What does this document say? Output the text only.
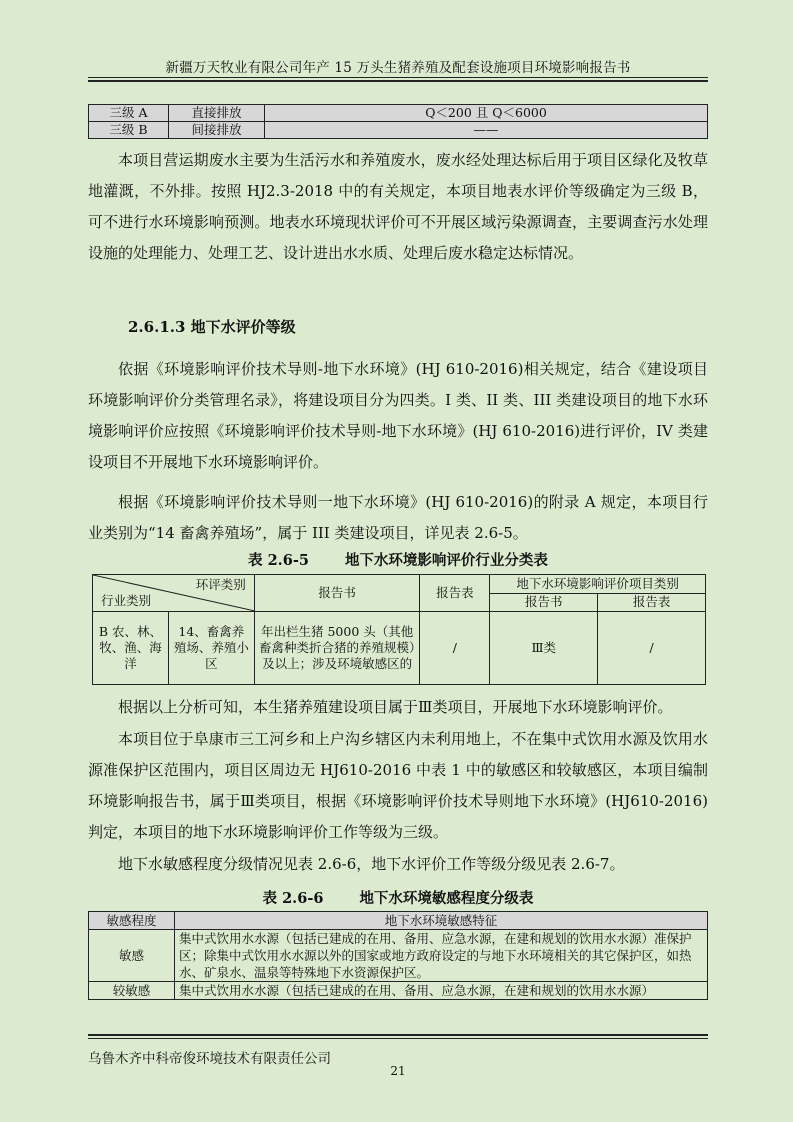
新疆万天牧业有限公司年产 15 万头生猪养殖及配套设施项目环境影响报告书
三级 A	直接排放	Q＜200 且 Q＜6000
三级 B	间接排放	——

本项目营运期废水主要为生活污水和养殖废水，废水经处理达标后用于项目区绿化及牧草地灌溉，不外排。按照 HJ2.3-2018 中的有关规定，本项目地表水评价等级确定为三级 B，可不进行水环境影响预测。地表水环境现状评价可不开展区域污染源调查，主要调查污水处理设施的处理能力、处理工艺、设计进出水水质、处理后废水稳定达标情况。

2.6.1.3 地下水评价等级

依据《环境影响评价技术导则-地下水环境》(HJ 610-2016)相关规定，结合《建设项目环境影响评价分类管理名录》，将建设项目分为四类。I 类、II 类、III 类建设项目的地下水环境影响评价应按照《环境影响评价技术导则-地下水环境》(HJ 610-2016)进行评价，IV 类建设项目不开展地下水环境影响评价。

根据《环境影响评价技术导则一地下水环境》(HJ 610-2016)的附录 A 规定，本项目行业类别为“14 畜禽养殖场”，属于 III 类建设项目，详见表 2.6-5。

表 2.6-5 地下水环境影响评价行业分类表
环评类别
行业类别		报告书	报告表	地下水环境影响评价项目类别	
				报告书	报告表
B 农、林、牧、渔、海洋	14、畜禽养殖场、养殖小区	年出栏生猪 5000 头（其他畜禽种类折合猪的养殖规模）及以上；涉及环境敏感区的	/	Ⅲ类	/

根据以上分析可知，本生猪养殖建设项目属于Ⅲ类项目，开展地下水环境影响评价。

本项目位于阜康市三工河乡和上户沟乡辖区内未利用地上，不在集中式饮用水源及饮用水源准保护区范围内，项目区周边无 HJ610-2016 中表 1 中的敏感区和较敏感区，本项目编制环境影响报告书，属于Ⅲ类项目，根据《环境影响评价技术导则地下水环境》(HJ610-2016) 判定，本项目的地下水环境影响评价工作等级为三级。

地下水敏感程度分级情况见表 2.6-6，地下水评价工作等级分级见表 2.6-7。

表 2.6-6 地下水环境敏感程度分级表
敏感程度	地下水环境敏感特征
敏感	集中式饮用水水源（包括已建成的在用、备用、应急水源，在建和规划的饮用水水源）准保护区；除集中式饮用水水源以外的国家或地方政府设定的与地下水环境相关的其它保护区，如热水、矿泉水、温泉等特殊地下水资源保护区。
较敏感	集中式饮用水水源（包括已建成的在用、备用、应急水源，在建和规划的饮用水水源）
乌鲁木齐中科帝俊环境技术有限责任公司
21
